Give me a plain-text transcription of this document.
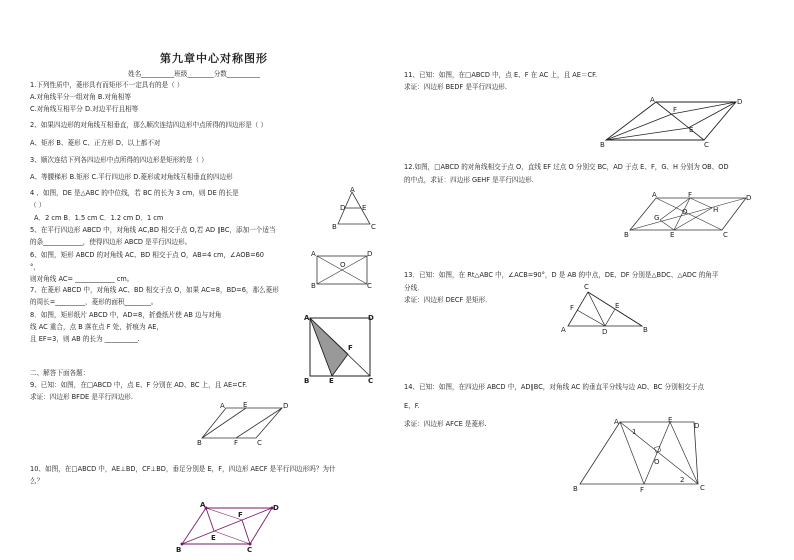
第九章中心对称图形
姓名__________班级________分数__________
1.下列性质中，菱形具有而矩形不一定具有的是（ ）
A.对角线平分一组对角 B.对角相等
C.对角线互相平分 D.对边平行且相等
2、如果四边形的对角线互相垂直，那么顺次连结四边形中点所得的四边形是（ ）
A、矩形 B、菱形 C、正方形 D、以上都不对
3、顺次连结下列各四边形中点所得的四边形是矩形的是（ ）
A、等腰梯形 B.矩形 C.平行四边形 D.菱形或对角线互相垂直的四边形
4 、如图，DE 是△ABC 的中位线，若 BC 的长为 3 cm，则 DE 的长是
（ ）
A．2 cm B．1.5 cm C．1.2 cm D．1 cm
5、在平行四边形 ABCD 中，对角线 AC,BD 相交于点 O,若 AD ∥BC，添加一个适当
的条____________，使得四边形 ABCD 是平行四边形。
6、如图，矩形 ABCD 的对角线 AC、BD 相交于点 O，AB=4 cm，∠AOB=60
°，
则对角线 AC= ____________ cm。
7、在菱形 ABCD 中，对角线 AC、BD 相交于点 O，如果 AC=8，BD=6，那么菱形
的周长=_________，菱形的面积________。
8．如图，矩形纸片 ABCD 中，AD=8，折叠纸片使 AB 边与对角
线 AC 重合，点 B 落在点 F 处，折痕为 AE，
且 EF=3，则 AB 的长为 __________.
二、解答下面各题：
9、已知：如图，在□ABCD 中，点 E、F 分别在 AD、BC 上，且 AE=CF.
求证：四边形 BFDE 是平行四边形.
10、如图，在□ABCD 中，AE⊥BD，CF⊥BD，垂足分别是 E，F，四边形 AECF 是平行四边形吗？为什
么？
11、已知：如图，在□ABCD 中，点 E、F 在 AC 上，且 AE＝CF.
求证：四边形 BEDF 是平行四边形.
12.如图，□ABCD 的对角线相交于点 O，直线 EF 过点 O 分别交 BC，AD 于点 E、F，G、H 分别为 OB、OD
的中点，求证：四边形 GEHF 是平行四边形.
13．已知：如图，在 Rt△ABC 中，∠ACB=90°，D 是 AB 的中点，DE、DF 分别是△BDC、△ADC 的角平
分线．
求证：四边形 DECF 是矩形．
14、已知：如图，在四边形 ABCD 中，AD∥BC，对角线 AC 的垂直平分线与边 AD、BC 分别相交于点
E、F.
求证：四边形 AFCE 是菱形.
A
D E
B	C
A
B	C
D
O
A	D
F
B	E	C
A	E	D
B	F	C
A
F
D
E
B	C
A	D
F
E
B	C
A	F	D
G
O	H
B	E	C
C
F	E
A	D	B
A	E
D
1
O
2
B	F	C
